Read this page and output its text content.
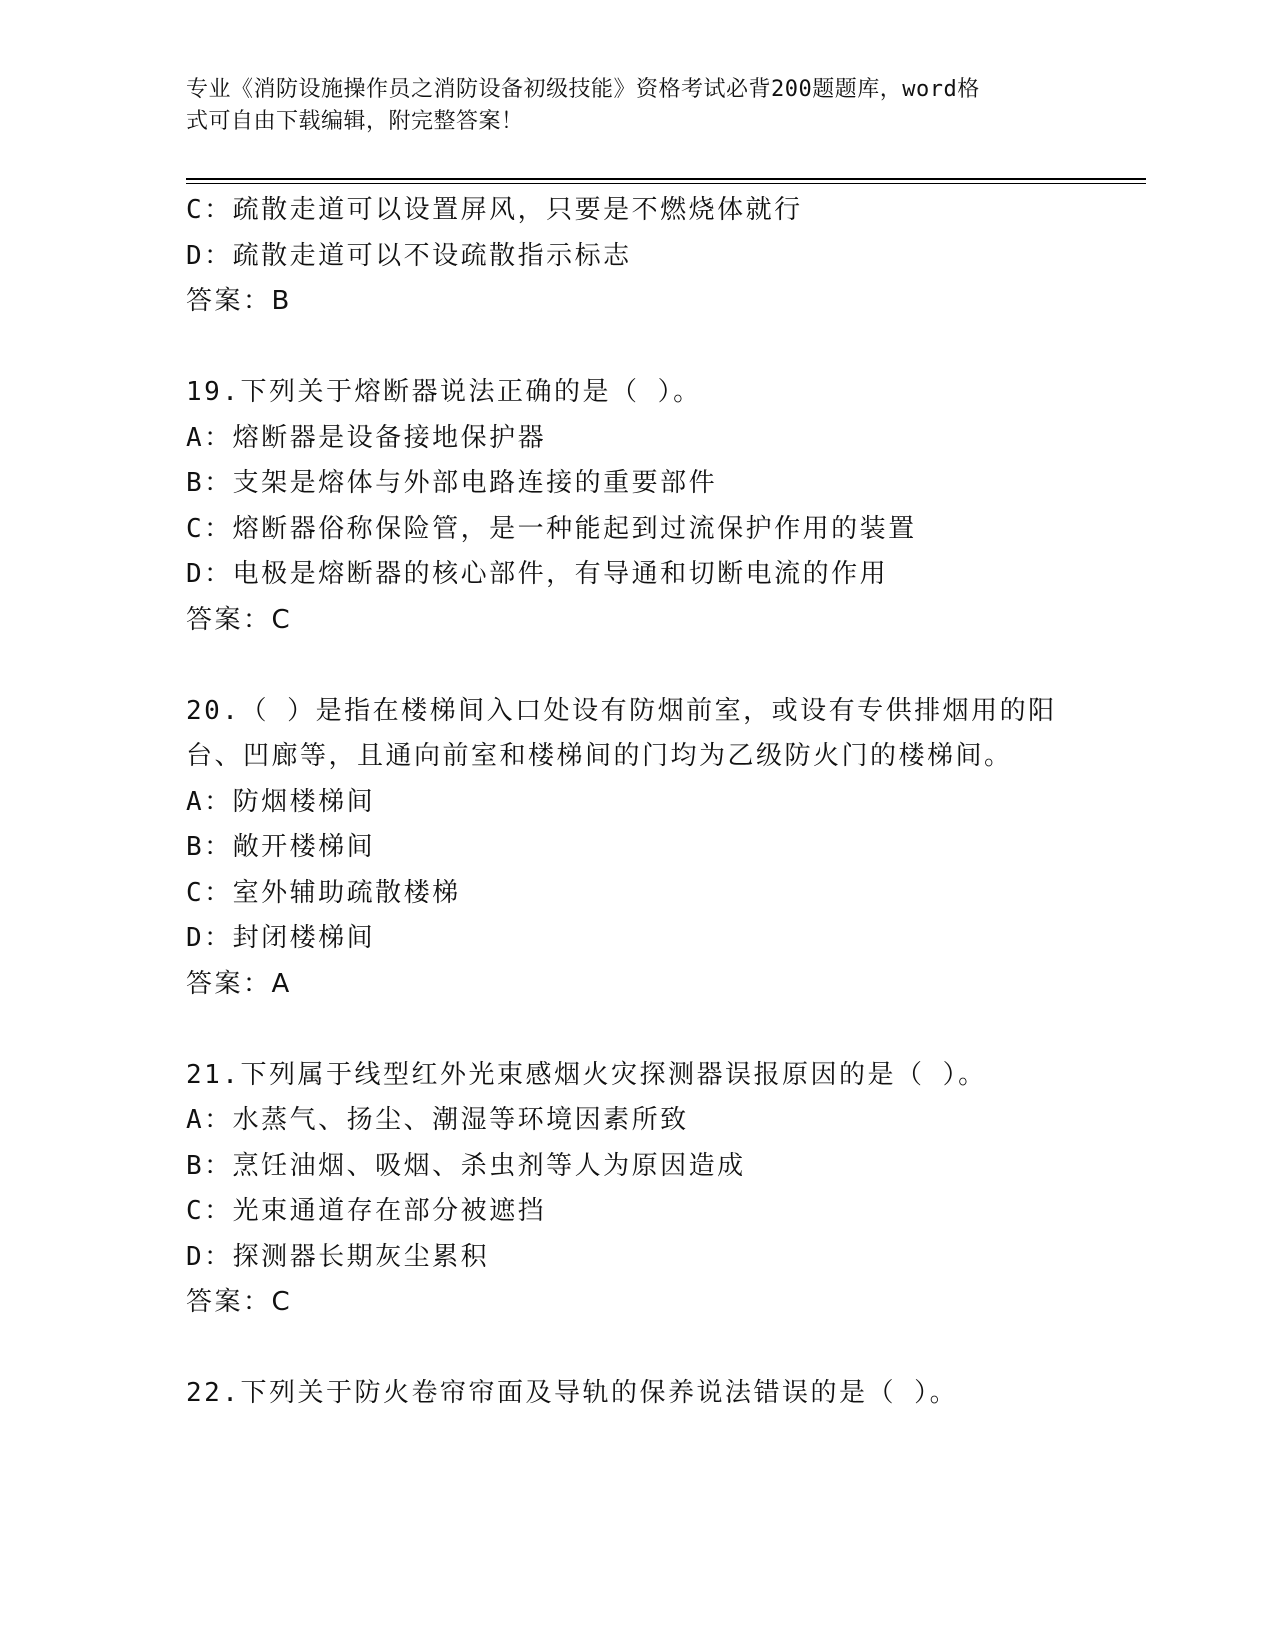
专业《消防设施操作员之消防设备初级技能》资格考试必背200题题库，word格
式可自由下载编辑，附完整答案！
C：疏散走道可以设置屏风，只要是不燃烧体就行
D：疏散走道可以不设疏散指示标志
答案：B
19.下列关于熔断器说法正确的是（ ）。
A：熔断器是设备接地保护器
B：支架是熔体与外部电路连接的重要部件
C：熔断器俗称保险管，是一种能起到过流保护作用的装置
D：电极是熔断器的核心部件，有导通和切断电流的作用
答案：C
20.（ ）是指在楼梯间入口处设有防烟前室，或设有专供排烟用的阳
台、凹廊等，且通向前室和楼梯间的门均为乙级防火门的楼梯间。
A：防烟楼梯间
B：敞开楼梯间
C：室外辅助疏散楼梯
D：封闭楼梯间
答案：A
21.下列属于线型红外光束感烟火灾探测器误报原因的是（ ）。
A：水蒸气、扬尘、潮湿等环境因素所致
B：烹饪油烟、吸烟、杀虫剂等人为原因造成
C：光束通道存在部分被遮挡
D：探测器长期灰尘累积
答案：C
22.下列关于防火卷帘帘面及导轨的保养说法错误的是（ ）。
